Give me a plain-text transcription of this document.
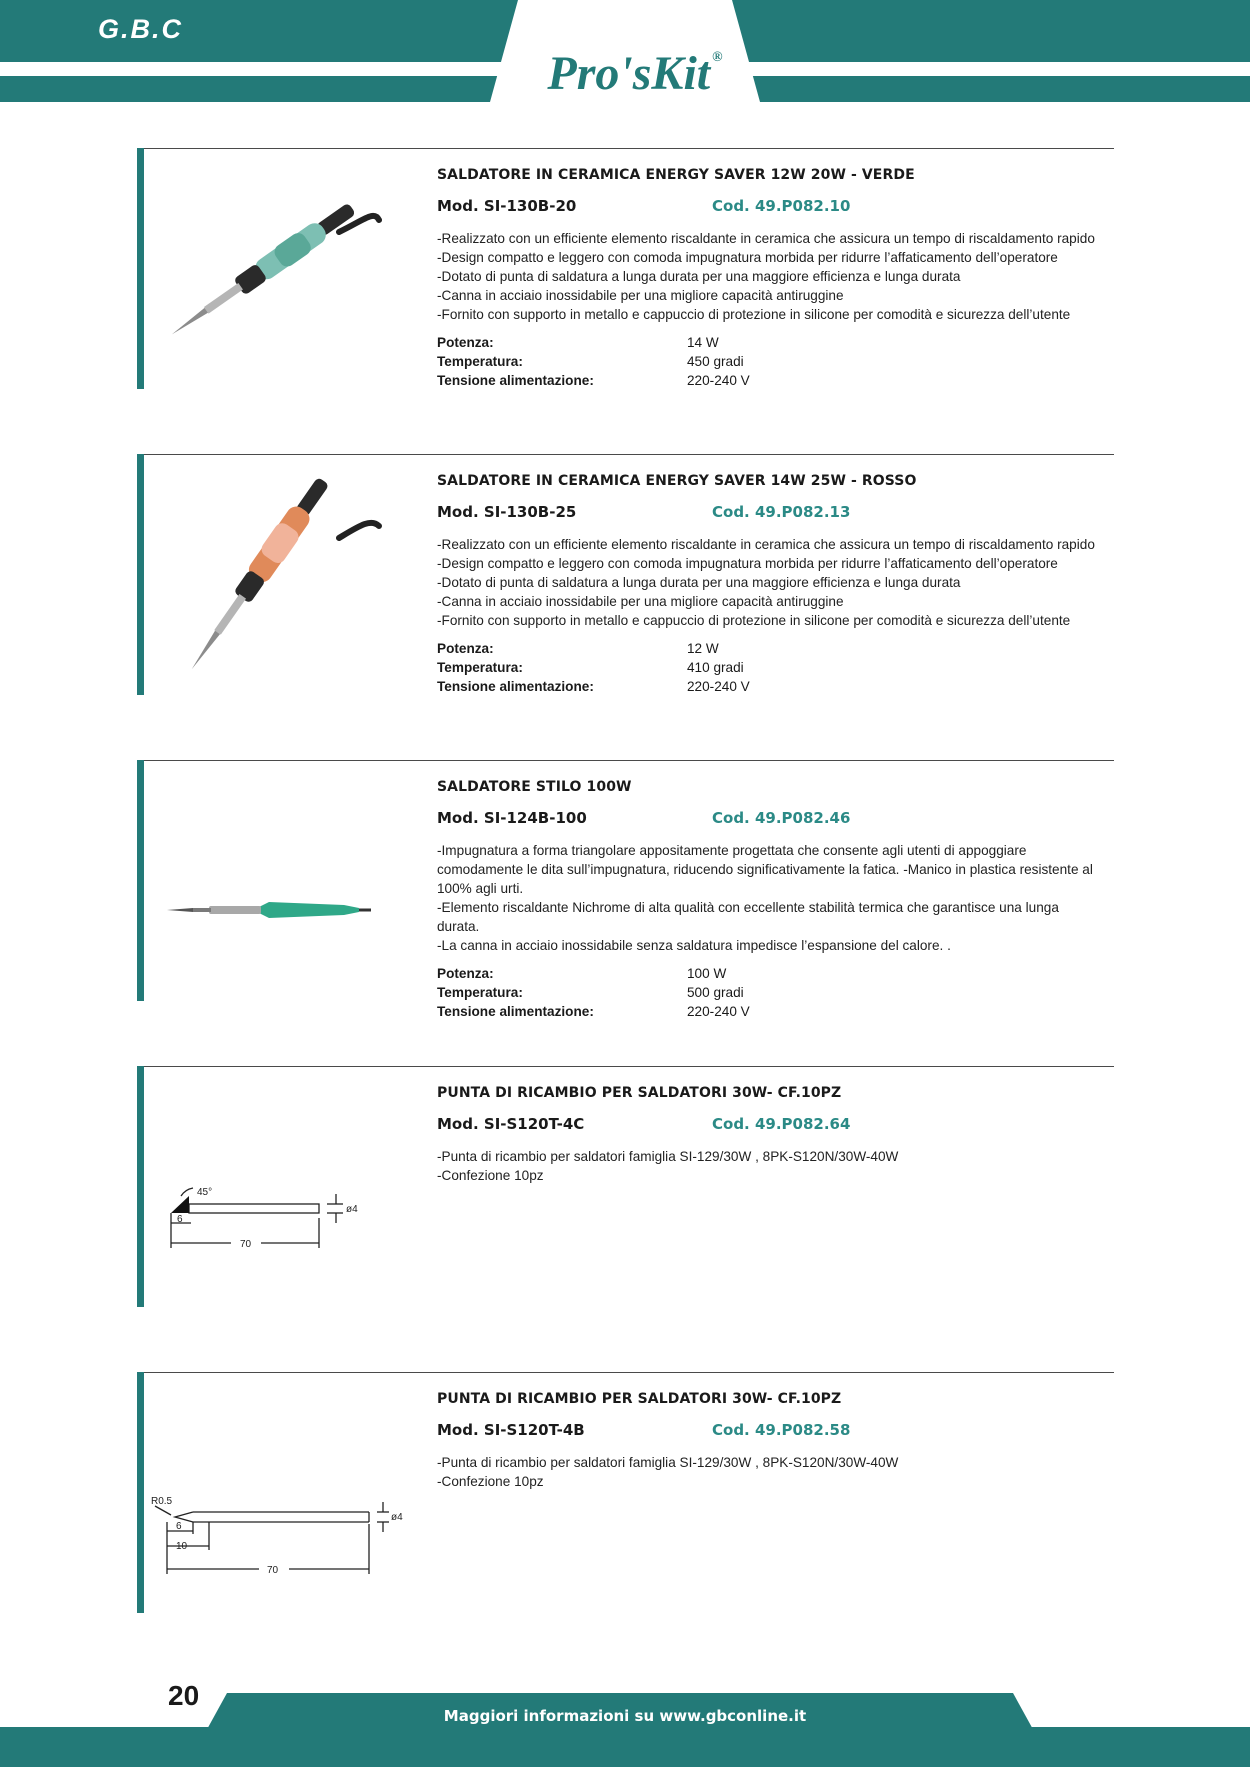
G.B.C
Pro'sKit ®
SALDATORE IN CERAMICA ENERGY SAVER 12W 20W - VERDE
Mod. SI-130B-20	Cod. 49.P082.10
-Realizzato con un efficiente elemento riscaldante in ceramica che assicura un tempo di riscaldamento rapido
-Design compatto e leggero con comoda impugnatura morbida per ridurre l’affaticamento dell’operatore
-Dotato di punta di saldatura a lunga durata per una maggiore efficienza e lunga durata
-Canna in acciaio inossidabile per una migliore capacità antiruggine
-Fornito con supporto in metallo e cappuccio di protezione in silicone per comodità e sicurezza dell’utente
Potenza:	14 W
Temperatura:	450 gradi
Tensione alimentazione:	220-240 V
SALDATORE IN CERAMICA ENERGY SAVER 14W 25W - ROSSO
Mod. SI-130B-25	Cod. 49.P082.13
-Realizzato con un efficiente elemento riscaldante in ceramica che assicura un tempo di riscaldamento rapido
-Design compatto e leggero con comoda impugnatura morbida per ridurre l’affaticamento dell’operatore
-Dotato di punta di saldatura a lunga durata per una maggiore efficienza e lunga durata
-Canna in acciaio inossidabile per una migliore capacità antiruggine
-Fornito con supporto in metallo e cappuccio di protezione in silicone per comodità e sicurezza dell’utente
Potenza:	12 W
Temperatura:	410 gradi
Tensione alimentazione:	220-240 V
SALDATORE STILO 100W
Mod. SI-124B-100	Cod. 49.P082.46
-Impugnatura a forma triangolare appositamente progettata che consente agli utenti di appoggiare comodamente le dita sull’impugnatura, riducendo significativamente la fatica. -Manico in plastica resistente al 100% agli urti.
-Elemento riscaldante Nichrome di alta qualità con eccellente stabilità termica che garantisce una lunga durata.
-La canna in acciaio inossidabile senza saldatura impedisce l’espansione del calore. .
Potenza:	100 W
Temperatura:	500 gradi
Tensione alimentazione:	220-240 V
45°
ø4
6
70
PUNTA DI RICAMBIO PER SALDATORI 30W- CF.10PZ
Mod. SI-S120T-4C	Cod. 49.P082.64
-Punta di ricambio per saldatori famiglia SI-129/30W , 8PK-S120N/30W-40W
-Confezione 10pz
R0.5
ø4
6
10
70
PUNTA DI RICAMBIO PER SALDATORI 30W- CF.10PZ
Mod. SI-S120T-4B	Cod. 49.P082.58
-Punta di ricambio per saldatori famiglia SI-129/30W , 8PK-S120N/30W-40W
-Confezione 10pz
20
Maggiori informazioni su www.gbconline.it
